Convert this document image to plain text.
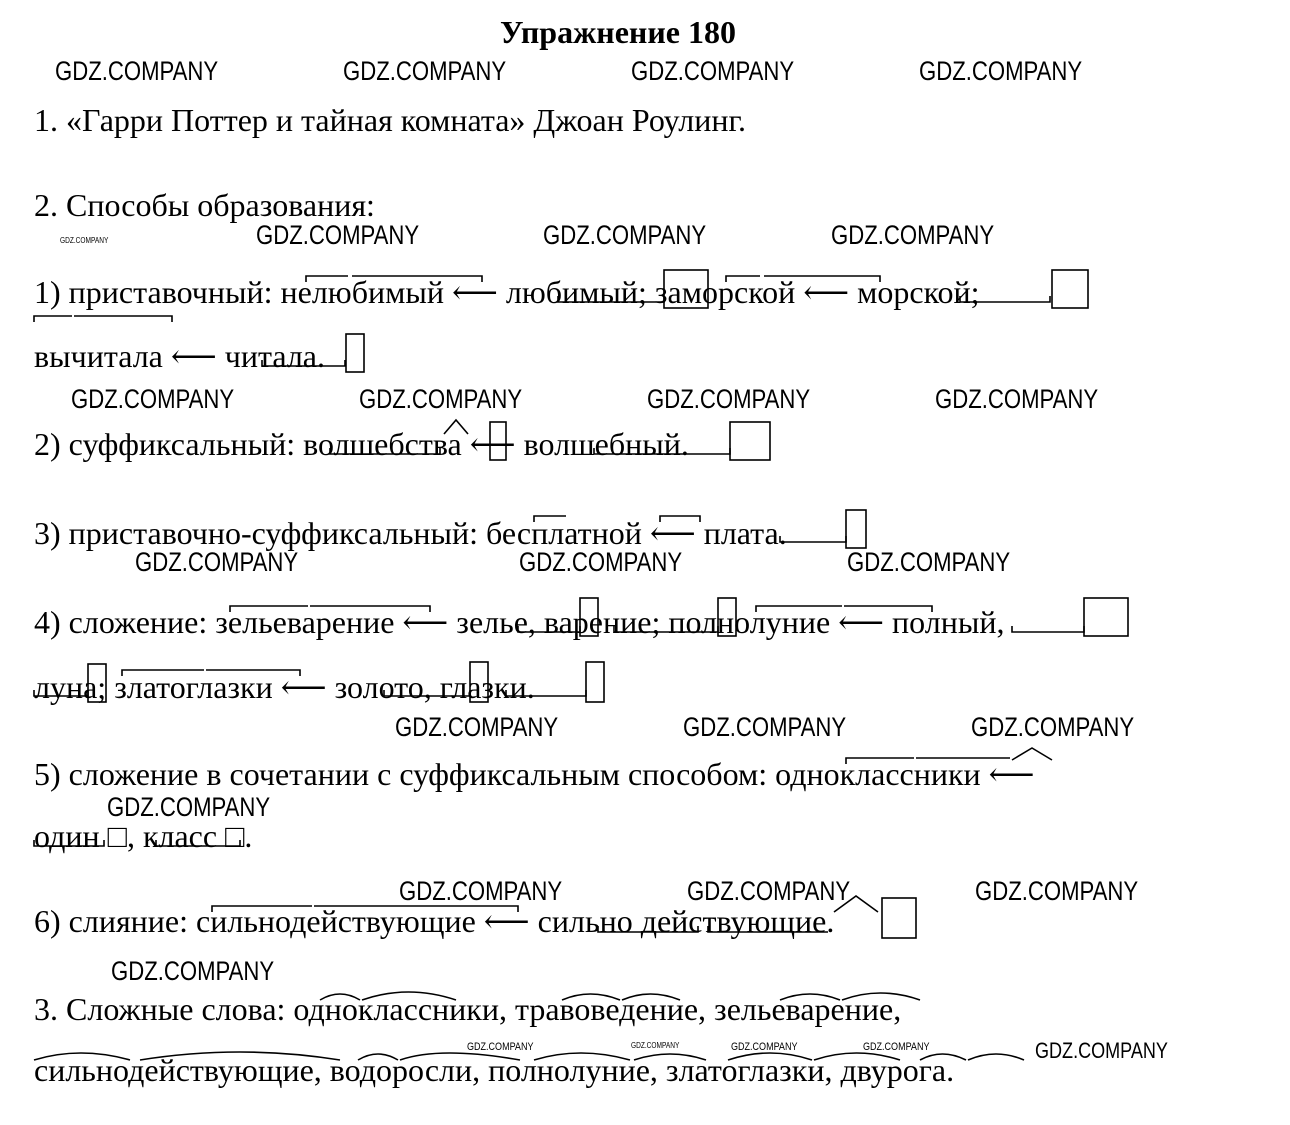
Упражнение 180
GDZ.COMPANY	GDZ.COMPANY	GDZ.COMPANY	GDZ.COMPANY
GDZ.COMPANY	GDZ.COMPANY	GDZ.COMPANY	GDZ.COMPANY
GDZ.COMPANY	GDZ.COMPANY	GDZ.COMPANY	GDZ.COMPANY
GDZ.COMPANY	GDZ.COMPANY	GDZ.COMPANY
GDZ.COMPANY	GDZ.COMPANY	GDZ.COMPANY
GDZ.COMPANY
GDZ.COMPANY	GDZ.COMPANY	GDZ.COMPANY
GDZ.COMPANY
GDZ.COMPANY	GDZ.COMPANY	GDZ.COMPANY	GDZ.COMPANY	GDZ.COMPANY
1. «Гарри Поттер и тайная комната» Джоан Роулинг.
2. Способы образования:
1) приставочный: нелюбимый ⟵ любимый; заморской ⟵ морской;
вычитала ⟵ читала.
2) суффиксальный: волшебства ⟵ волшебный.
3) приставочно-суффиксальный: бесплатной ⟵ плата.
4) сложение: зельеварение ⟵ зелье, варение; полнолуние ⟵ полный,
луна; златоглазки ⟵ золото, глазки.
5) сложение в сочетании с суффиксальным способом: одноклассники ⟵
один □, класс □.
6) слияние: сильнодействующие ⟵ сильно действующие.
3. Сложные слова: одноклассники, травоведение, зельеварение,
сильнодействующие, водоросли, полнолуние, златоглазки, двурога.
